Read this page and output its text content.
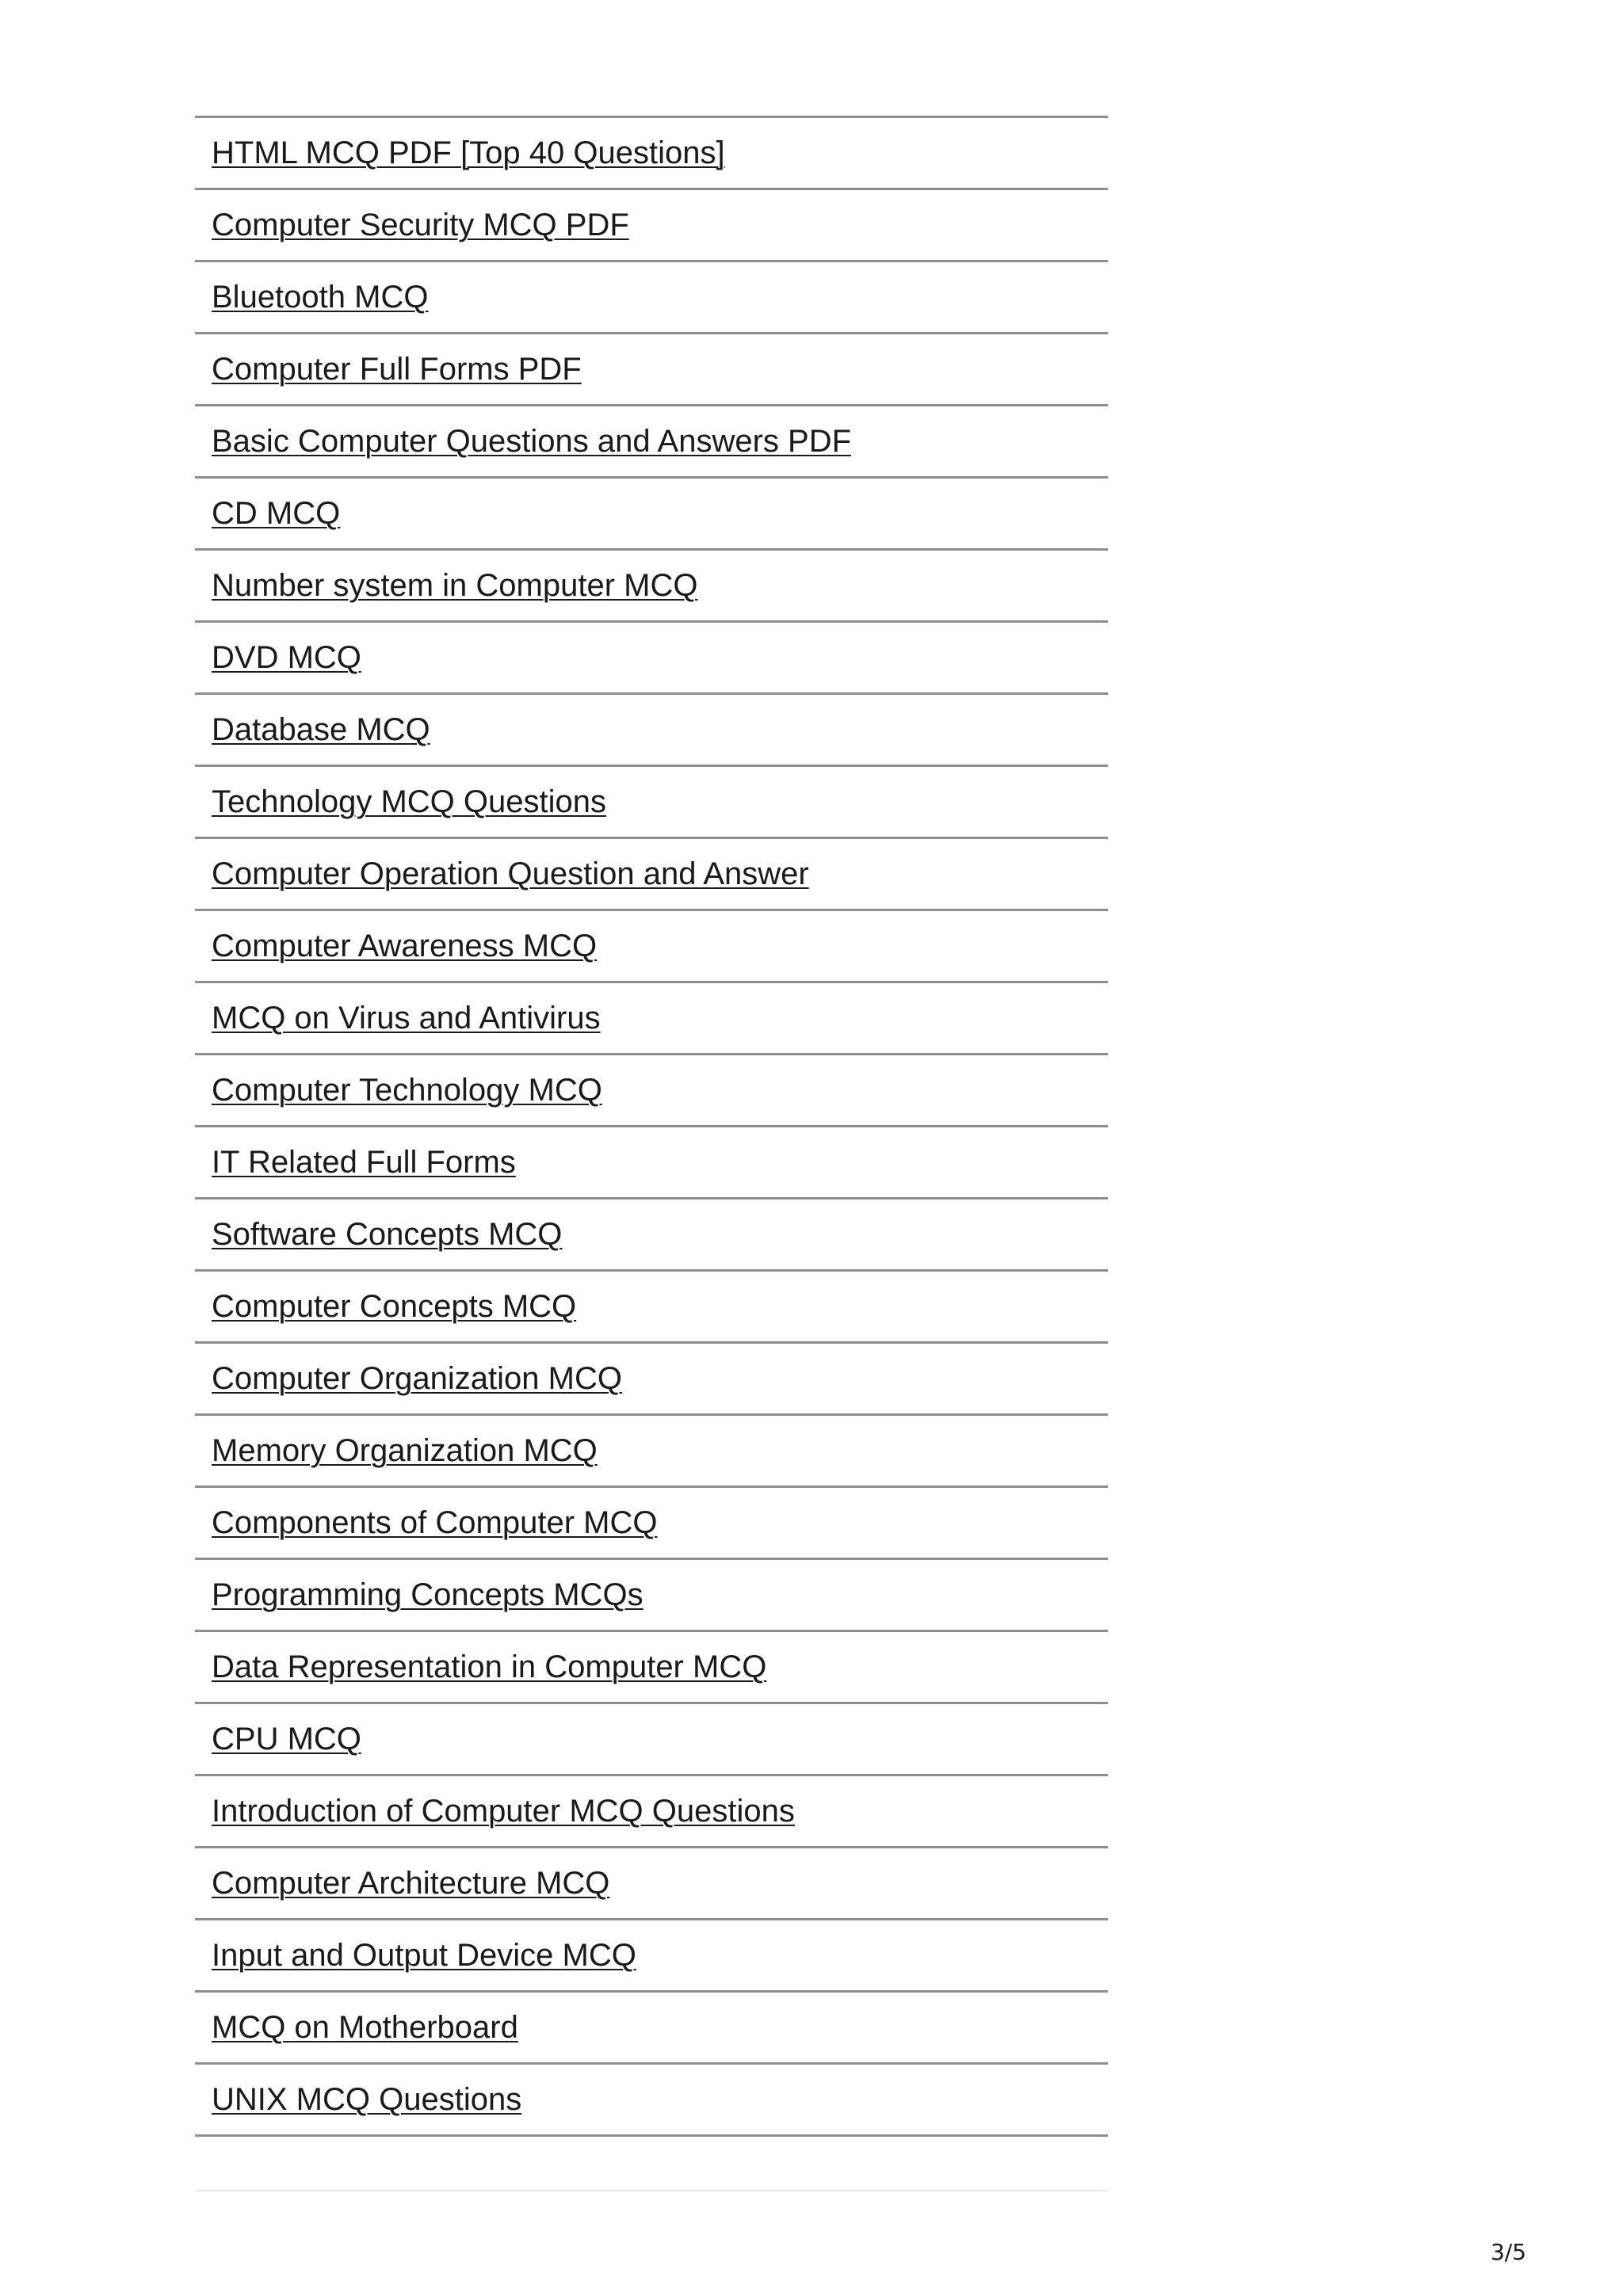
HTML MCQ PDF [Top 40 Questions]
Computer Security MCQ PDF
Bluetooth MCQ
Computer Full Forms PDF
Basic Computer Questions and Answers PDF
CD MCQ
Number system in Computer MCQ
DVD MCQ
Database MCQ
Technology MCQ Questions
Computer Operation Question and Answer
Computer Awareness MCQ
MCQ on Virus and Antivirus
Computer Technology MCQ
IT Related Full Forms
Software Concepts MCQ
Computer Concepts MCQ
Computer Organization MCQ
Memory Organization MCQ
Components of Computer MCQ
Programming Concepts MCQs
Data Representation in Computer MCQ
CPU MCQ
Introduction of Computer MCQ Questions
Computer Architecture MCQ
Input and Output Device MCQ
MCQ on Motherboard
UNIX MCQ Questions
3/5
